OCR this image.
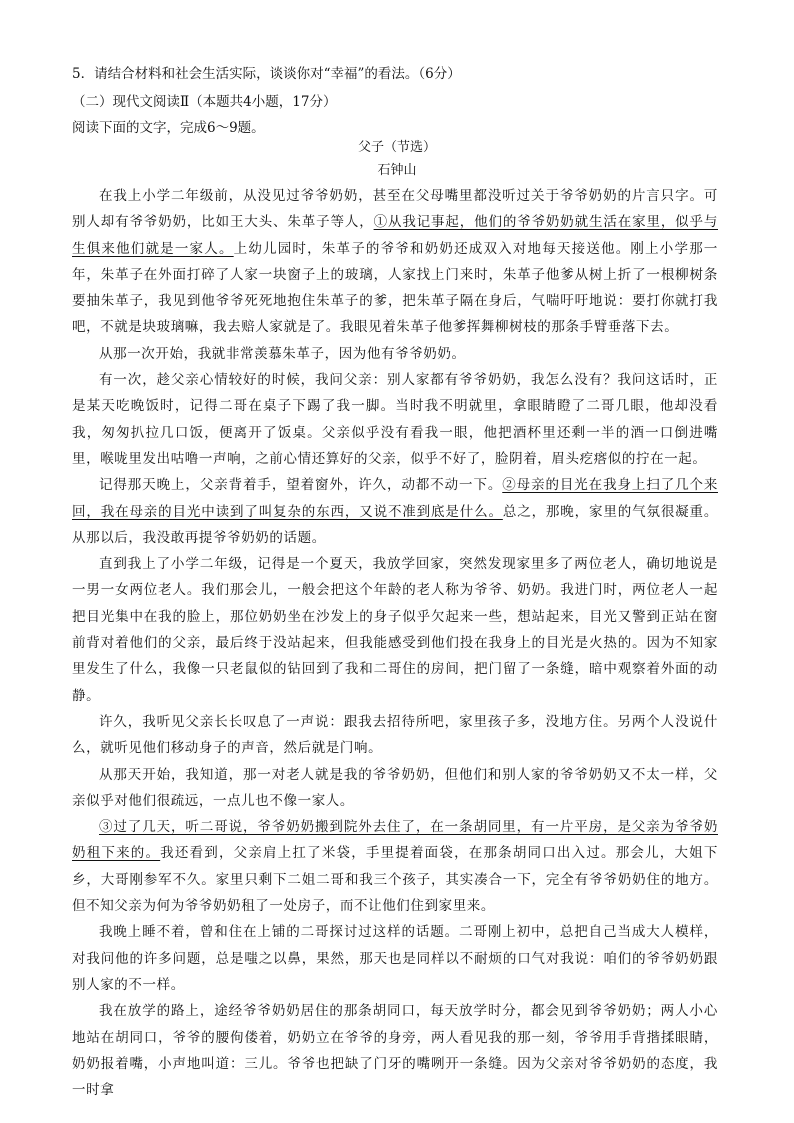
5．请结合材料和社会生活实际，谈谈你对“幸福”的看法。（6分）
（二）现代文阅读Ⅱ（本题共4小题，17分）
阅读下面的文字，完成6～9题。
父子（节选）
石钟山

在我上小学二年级前，从没见过爷爷奶奶，甚至在父母嘴里都没听过关于爷爷奶奶的片言只字。可别人却有爷爷奶奶，比如王大头、朱革子等人，①从我记事起，他们的爷爷奶奶就生活在家里，似乎与生俱来他们就是一家人。上幼儿园时，朱革子的爷爷和奶奶还成双入对地每天接送他。刚上小学那一年，朱革子在外面打碎了人家一块窗子上的玻璃，人家找上门来时，朱革子他爹从树上折了一根柳树条要抽朱革子，我见到他爷爷死死地抱住朱革子的爹，把朱革子隔在身后，气喘吁吁地说：要打你就打我吧，不就是块玻璃嘛，我去赔人家就是了。我眼见着朱革子他爹挥舞柳树枝的那条手臂垂落下去。

从那一次开始，我就非常羡慕朱革子，因为他有爷爷奶奶。

有一次，趁父亲心情较好的时候，我问父亲：别人家都有爷爷奶奶，我怎么没有？我问这话时，正是某天吃晚饭时，记得二哥在桌子下踢了我一脚。当时我不明就里，拿眼睛瞪了二哥几眼，他却没看我，匆匆扒拉几口饭，便离开了饭桌。父亲似乎没有看我一眼，他把酒杯里还剩一半的酒一口倒进嘴里，喉咙里发出咕噜一声响，之前心情还算好的父亲，似乎不好了，脸阴着，眉头疙瘩似的拧在一起。

记得那天晚上，父亲背着手，望着窗外，许久，动都不动一下。②母亲的目光在我身上扫了几个来回，我在母亲的目光中读到了叫复杂的东西，又说不准到底是什么。总之，那晚，家里的气氛很凝重。从那以后，我没敢再提爷爷奶奶的话题。

直到我上了小学二年级，记得是一个夏天，我放学回家，突然发现家里多了两位老人，确切地说是一男一女两位老人。我们那会儿，一般会把这个年龄的老人称为爷爷、奶奶。我进门时，两位老人一起把目光集中在我的脸上，那位奶奶坐在沙发上的身子似乎欠起来一些，想站起来，目光又警到正站在窗前背对着他们的父亲，最后终于没站起来，但我能感受到他们投在我身上的目光是火热的。因为不知家里发生了什么，我像一只老鼠似的钻回到了我和二哥住的房间，把门留了一条缝，暗中观察着外面的动静。

许久，我听见父亲长长叹息了一声说：跟我去招待所吧，家里孩子多，没地方住。另两个人没说什么，就听见他们移动身子的声音，然后就是门响。

从那天开始，我知道，那一对老人就是我的爷爷奶奶，但他们和别人家的爷爷奶奶又不太一样，父亲似乎对他们很疏远，一点儿也不像一家人。

③过了几天，听二哥说，爷爷奶奶搬到院外去住了，在一条胡同里，有一片平房，是父亲为爷爷奶奶租下来的。我还看到，父亲肩上扛了米袋，手里提着面袋，在那条胡同口出入过。那会儿，大姐下乡，大哥刚参军不久。家里只剩下二姐二哥和我三个孩子，其实凑合一下，完全有爷爷奶奶住的地方。但不知父亲为何为爷爷奶奶租了一处房子，而不让他们住到家里来。

我晚上睡不着，曾和住在上铺的二哥探讨过这样的话题。二哥刚上初中，总把自己当成大人模样，对我问他的许多问题，总是嗤之以鼻，果然，那天也是同样以不耐烦的口气对我说：咱们的爷爷奶奶跟别人家的不一样。

我在放学的路上，途经爷爷奶奶居住的那条胡同口，每天放学时分，都会见到爷爷奶奶；两人小心地站在胡同口，爷爷的腰佝偻着，奶奶立在爷爷的身旁，两人看见我的那一刻，爷爷用手背揩揉眼睛，奶奶报着嘴，小声地叫道：三儿。爷爷也把缺了门牙的嘴咧开一条缝。因为父亲对爷爷奶奶的态度，我一时拿
